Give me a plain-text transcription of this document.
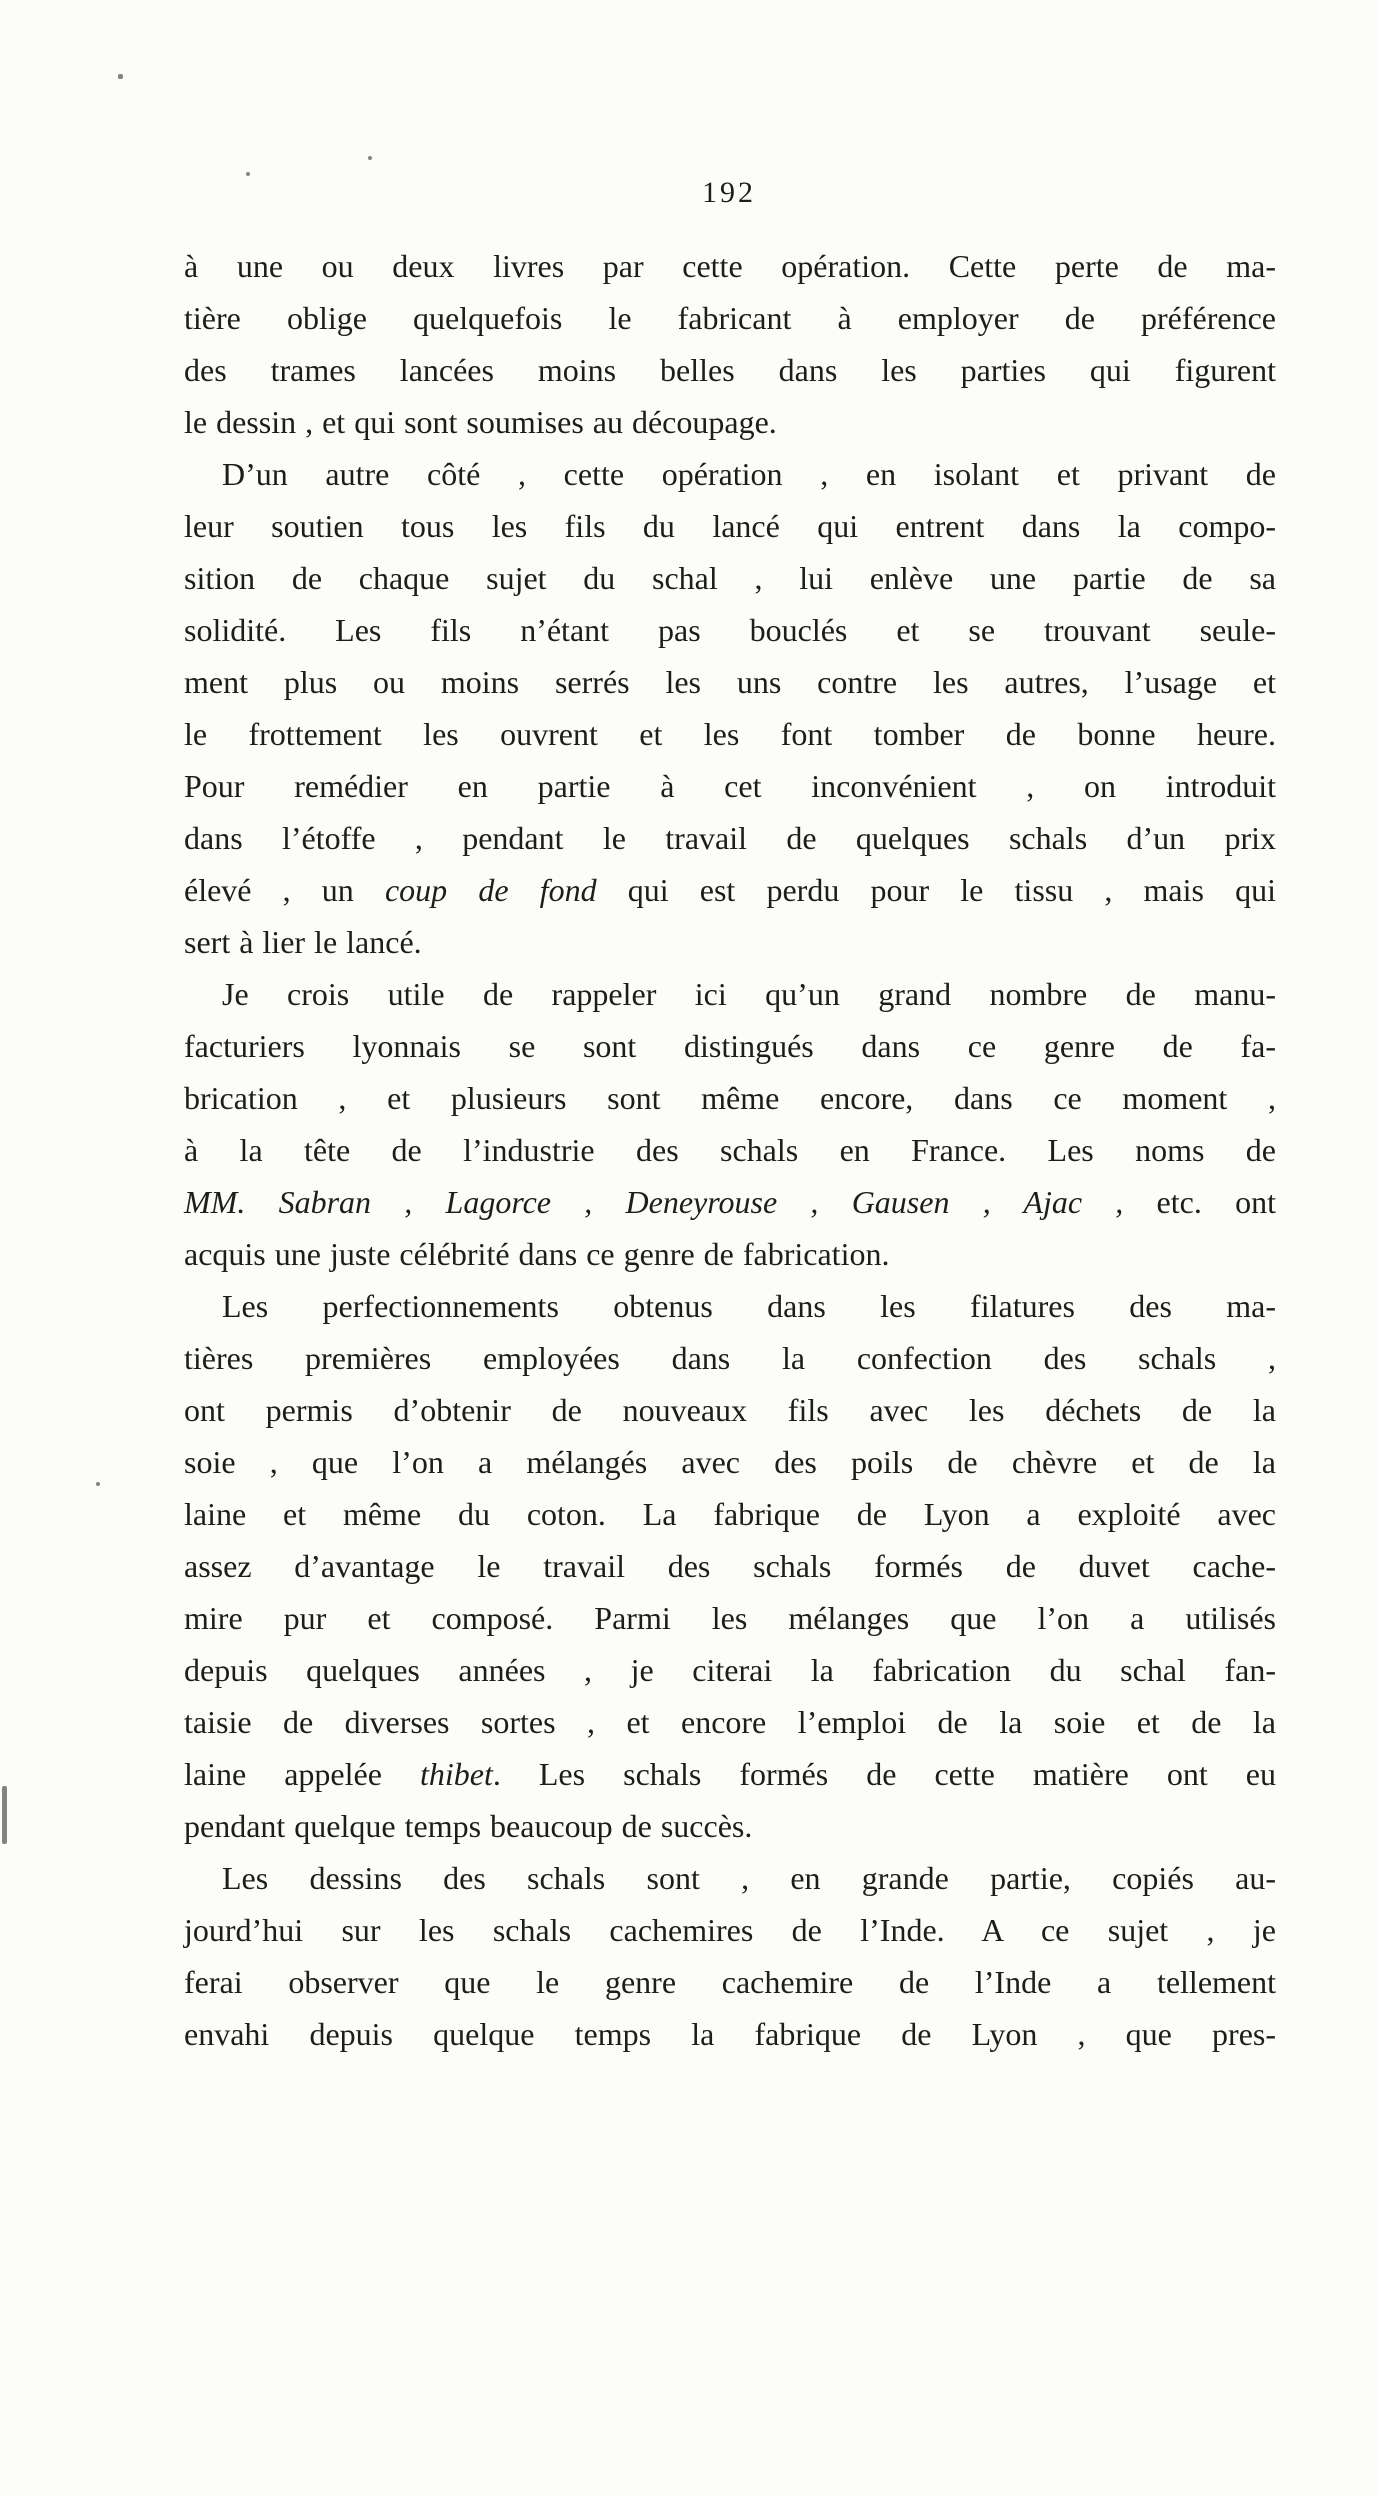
192
à une ou deux livres par cette opération. Cette perte de ma-
tière oblige quelquefois le fabricant à employer de préférence
des trames lancées moins belles dans les parties qui figurent
le dessin , et qui sont soumises au découpage.
D’un autre côté , cette opération , en isolant et privant de
leur soutien tous les fils du lancé qui entrent dans la compo-
sition de chaque sujet du schal , lui enlève une partie de sa
solidité. Les fils n’étant pas bouclés et se trouvant seule-
ment plus ou moins serrés les uns contre les autres, l’usage et
le frottement les ouvrent et les font tomber de bonne heure.
Pour remédier en partie à cet inconvénient , on introduit
dans l’étoffe , pendant le travail de quelques schals d’un prix
élevé , un coup de fond qui est perdu pour le tissu , mais qui
sert à lier le lancé.
Je crois utile de rappeler ici qu’un grand nombre de manu-
facturiers lyonnais se sont distingués dans ce genre de fa-
brication , et plusieurs sont même encore, dans ce moment ,
à la tête de l’industrie des schals en France. Les noms de
MM. Sabran , Lagorce , Deneyrouse , Gausen , Ajac , etc. ont
acquis une juste célébrité dans ce genre de fabrication.
Les perfectionnements obtenus dans les filatures des ma-
tières premières employées dans la confection des schals ,
ont permis d’obtenir de nouveaux fils avec les déchets de la
soie , que l’on a mélangés avec des poils de chèvre et de la
laine et même du coton. La fabrique de Lyon a exploité avec
assez d’avantage le travail des schals formés de duvet cache-
mire pur et composé. Parmi les mélanges que l’on a utilisés
depuis quelques années , je citerai la fabrication du schal fan-
taisie de diverses sortes , et encore l’emploi de la soie et de la
laine appelée thibet. Les schals formés de cette matière ont eu
pendant quelque temps beaucoup de succès.
Les dessins des schals sont , en grande partie, copiés au-
jourd’hui sur les schals cachemires de l’Inde. A ce sujet , je
ferai observer que le genre cachemire de l’Inde a tellement
envahi depuis quelque temps la fabrique de Lyon , que pres-
